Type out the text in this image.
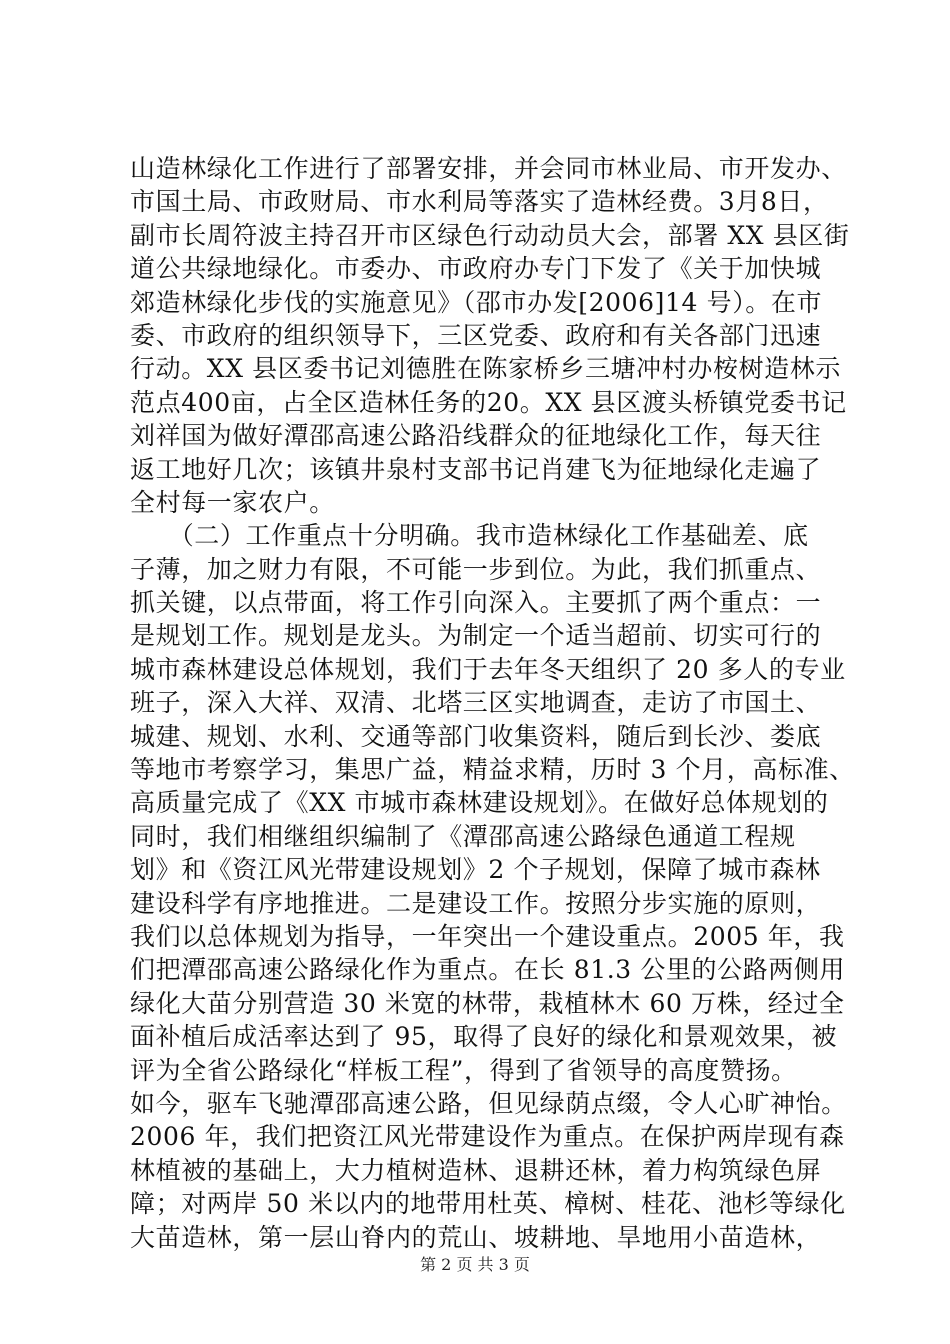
山造林绿化工作进行了部署安排，并会同市林业局、市开发办、
市国土局、市政财局、市水利局等落实了造林经费。3月8日，
副市长周符波主持召开市区绿色行动动员大会，部署 XX 县区街
道公共绿地绿化。市委办、市政府办专门下发了《关于加快城
郊造林绿化步伐的实施意见》（邵市办发[2006]14 号）。在市
委、市政府的组织领导下，三区党委、政府和有关各部门迅速
行动。XX 县区委书记刘德胜在陈家桥乡三塘冲村办桉树造林示
范点400亩，占全区造林任务的20。XX 县区渡头桥镇党委书记
刘祥国为做好潭邵高速公路沿线群众的征地绿化工作，每天往
返工地好几次；该镇井泉村支部书记肖建飞为征地绿化走遍了
全村每一家农户。
　　（二）工作重点十分明确。我市造林绿化工作基础差、底
子薄，加之财力有限，不可能一步到位。为此，我们抓重点、
抓关键，以点带面，将工作引向深入。主要抓了两个重点：一
是规划工作。规划是龙头。为制定一个适当超前、切实可行的
城市森林建设总体规划，我们于去年冬天组织了 20 多人的专业
班子，深入大祥、双清、北塔三区实地调查，走访了市国土、
城建、规划、水利、交通等部门收集资料，随后到长沙、娄底
等地市考察学习，集思广益，精益求精，历时 3 个月，高标准、
高质量完成了《XX 市城市森林建设规划》。在做好总体规划的
同时，我们相继组织编制了《潭邵高速公路绿色通道工程规
划》和《资江风光带建设规划》2 个子规划，保障了城市森林
建设科学有序地推进。二是建设工作。按照分步实施的原则，
我们以总体规划为指导，一年突出一个建设重点。2005 年，我
们把潭邵高速公路绿化作为重点。在长 81.3 公里的公路两侧用
绿化大苗分别营造 30 米宽的林带，栽植林木 60 万株，经过全
面补植后成活率达到了 95，取得了良好的绿化和景观效果，被
评为全省公路绿化“样板工程”，得到了省领导的高度赞扬。
如今，驱车飞驰潭邵高速公路，但见绿荫点缀，令人心旷神怡。
2006 年，我们把资江风光带建设作为重点。在保护两岸现有森
林植被的基础上，大力植树造林、退耕还林，着力构筑绿色屏
障；对两岸 50 米以内的地带用杜英、樟树、桂花、池杉等绿化
大苗造林，第一层山脊内的荒山、坡耕地、旱地用小苗造林，
第 2 页 共 3 页
